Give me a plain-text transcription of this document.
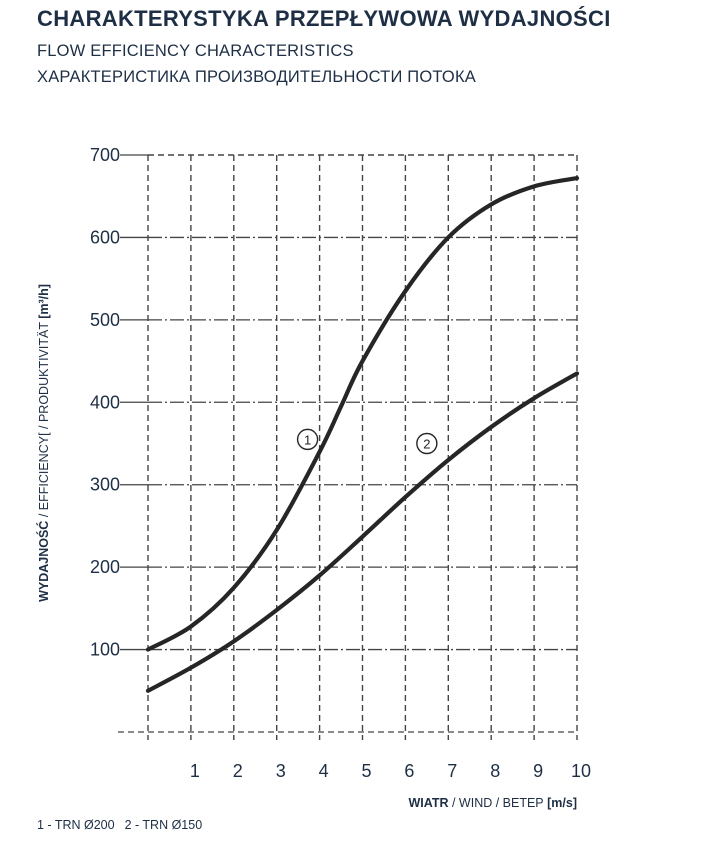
CHARAKTERYSTYKA PRZEPŁYWOWA WYDAJNOŚCI
FLOW EFFICIENCY CHARACTERISTICS
ХАРАКТЕРИСТИКА ПРОИЗВОДИТЕЛЬНОСТИ ПОТОКА
100
200
300
400
500
600
700
1 2 3 4 5 6 7 8 9 10
WIATR / WIND / ВЕТЕР [m/s]
WYDAJNOŚĆ / EFFICIENCY[ / PRODUKTIVITÄT [m³/h]
1	2
1 - TRN Ø200 2 - TRN Ø150
